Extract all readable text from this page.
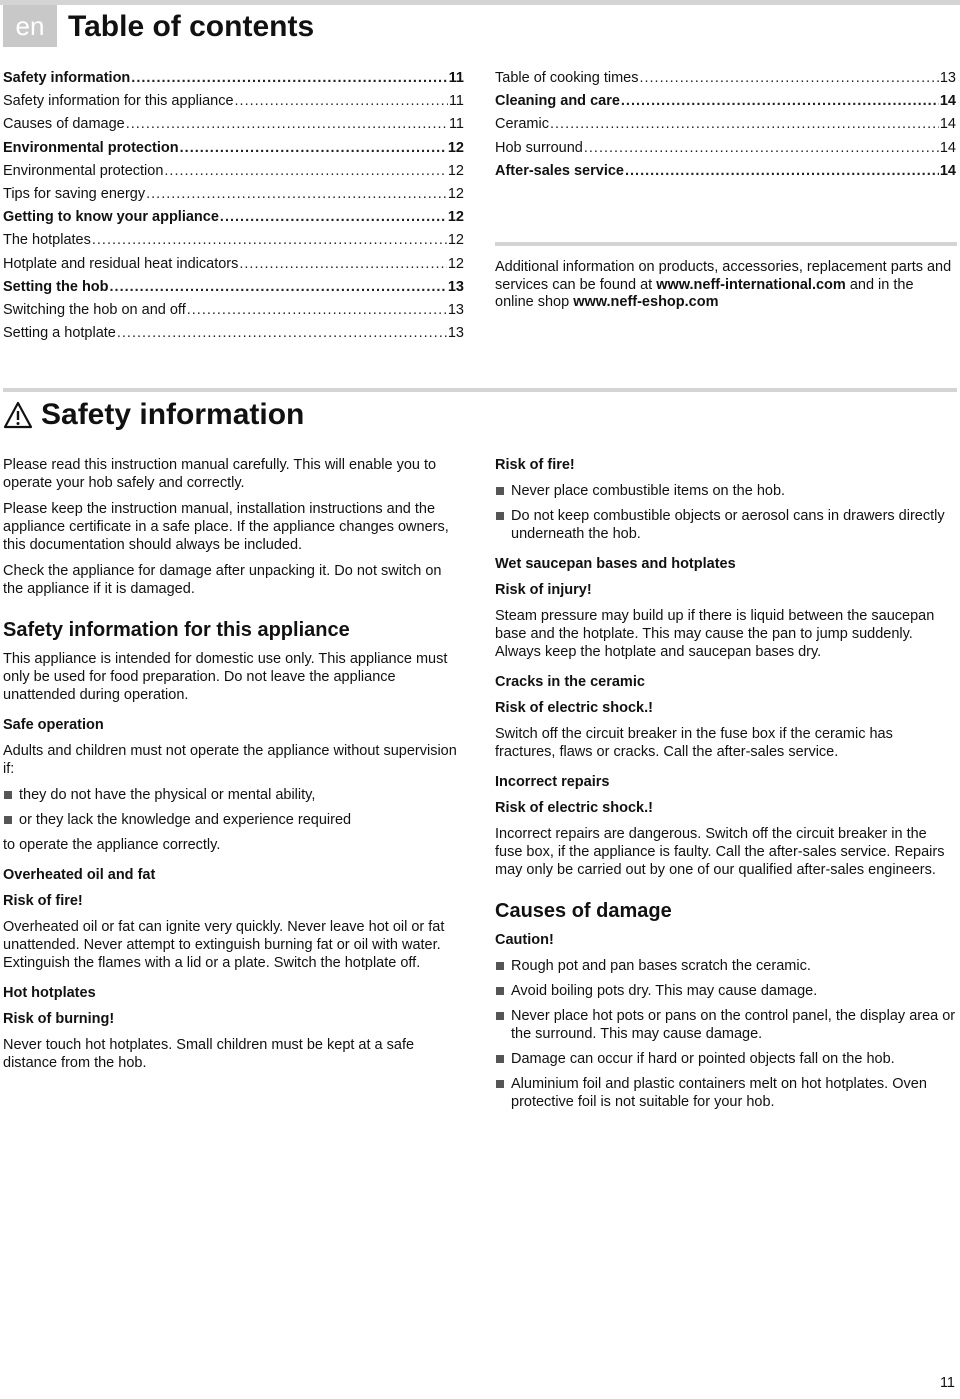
en Table of contents
Safety information .....	11
Safety information for this appliance .....	11
Causes of damage .....	11
Environmental protection .....	12
Environmental protection .....	12
Tips for saving energy .....	12
Getting to know your appliance .....	12
The hotplates .....	12
Hotplate and residual heat indicators .....	12
Setting the hob .....	13
Switching the hob on and off .....	13
Setting a hotplate .....	13
Table of cooking times .....	13
Cleaning and care .....	14
Ceramic .....	14
Hob surround .....	14
After-sales service .....	14
Additional information on products, accessories, replacement parts and services can be found at www.neff-international.com and in the online shop www.neff-eshop.com
Safety information

Please read this instruction manual carefully. This will enable you to operate your hob safely and correctly.

Please keep the instruction manual, installation instructions and the appliance certificate in a safe place. If the appliance changes owners, this documentation should always be included.

Check the appliance for damage after unpacking it. Do not switch on the appliance if it is damaged.

Safety information for this appliance

This appliance is intended for domestic use only. This appliance must only be used for food preparation. Do not leave the appliance unattended during operation.

Safe operation

Adults and children must not operate the appliance without supervision if:

they do not have the physical or mental ability,
or they lack the knowledge and experience required

to operate the appliance correctly.

Overheated oil and fat
Risk of fire!

Overheated oil or fat can ignite very quickly. Never leave hot oil or fat unattended. Never attempt to extinguish burning fat or oil with water. Extinguish the flames with a lid or a plate. Switch the hotplate off.

Hot hotplates
Risk of burning!

Never touch hot hotplates. Small children must be kept at a safe distance from the hob.

Risk of fire!
Never place combustible items on the hob.
Do not keep combustible objects or aerosol cans in drawers directly underneath the hob.
Wet saucepan bases and hotplates
Risk of injury!

Steam pressure may build up if there is liquid between the saucepan base and the hotplate. This may cause the pan to jump suddenly. Always keep the hotplate and saucepan bases dry.

Cracks in the ceramic
Risk of electric shock.!

Switch off the circuit breaker in the fuse box if the ceramic has fractures, flaws or cracks. Call the after-sales service.

Incorrect repairs
Risk of electric shock.!

Incorrect repairs are dangerous. Switch off the circuit breaker in the fuse box, if the appliance is faulty. Call the after-sales service. Repairs may only be carried out by one of our qualified after-sales engineers.

Causes of damage
Caution!
Rough pot and pan bases scratch the ceramic.
Avoid boiling pots dry. This may cause damage.
Never place hot pots or pans on the control panel, the display area or the surround. This may cause damage.
Damage can occur if hard or pointed objects fall on the hob.
Aluminium foil and plastic containers melt on hot hotplates. Oven protective foil is not suitable for your hob.
11
